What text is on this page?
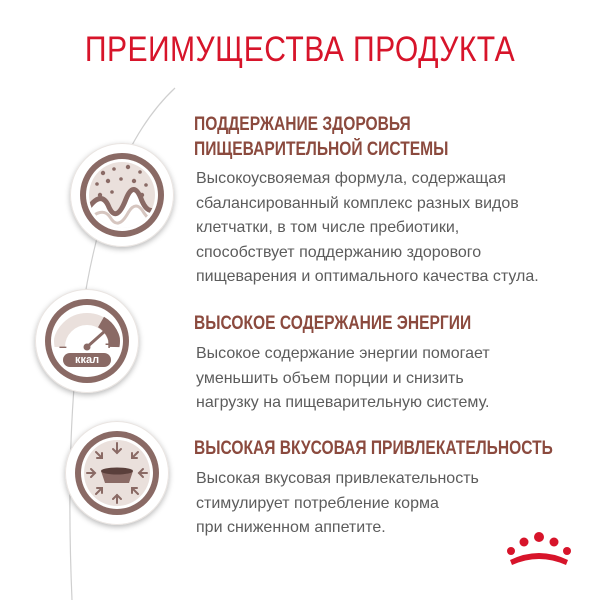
ПРЕИМУЩЕСТВА ПРОДУКТА
–	+
ккал
ПОДДЕРЖАНИЕ ЗДОРОВЬЯ
ПИЩЕВАРИТЕЛЬНОЙ СИСТЕМЫ
Высокоусвояемая формула, содержащая
сбалансированный комплекс разных видов
клетчатки, в том числе пребиотики,
способствует поддержанию здорового
пищеварения и оптимального качества стула.
ВЫСОКОЕ СОДЕРЖАНИЕ ЭНЕРГИИ
Высокое содержание энергии помогает
уменьшить объем порции и снизить
нагрузку на пищеварительную систему.
ВЫСОКАЯ ВКУСОВАЯ ПРИВЛЕКАТЕЛЬНОСТЬ
Высокая вкусовая привлекательность
стимулирует потребление корма
при сниженном аппетите.
